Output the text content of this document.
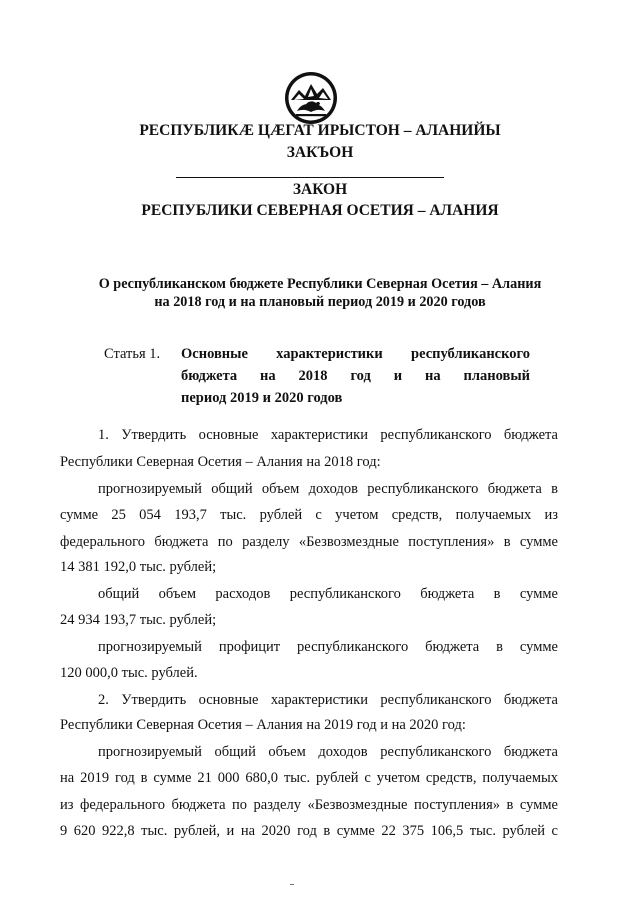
РЕСПУБЛИКӔ ЦӔГАТ ИРЫСТОН – АЛАНИЙЫ
ЗАКЪОН
ЗАКОН
РЕСПУБЛИКИ СЕВЕРНАЯ ОСЕТИЯ – АЛАНИЯ
О республиканском бюджете Республики Северная Осетия – Алания
на 2018 год и на плановый период 2019 и 2020 годов
Статья 1. Основные характеристики республиканского
бюджета на 2018 год и на плановый
период 2019 и 2020 годов
1. Утвердить основные характеристики республиканского бюджета
Республики Северная Осетия – Алания на 2018 год:
прогнозируемый общий объем доходов республиканского бюджета в
сумме 25 054 193,7 тыс. рублей с учетом средств, получаемых из
федерального бюджета по разделу «Безвозмездные поступления» в сумме
14 381 192,0 тыс. рублей;
общий объем расходов республиканского бюджета в сумме
24 934 193,7 тыс. рублей;
прогнозируемый профицит республиканского бюджета в сумме
120 000,0 тыс. рублей.
2. Утвердить основные характеристики республиканского бюджета
Республики Северная Осетия – Алания на 2019 год и на 2020 год:
прогнозируемый общий объем доходов республиканского бюджета
на 2019 год в сумме 21 000 680,0 тыс. рублей с учетом средств, получаемых
из федерального бюджета по разделу «Безвозмездные поступления» в сумме
9 620 922,8 тыс. рублей, и на 2020 год в сумме 22 375 106,5 тыс. рублей с
